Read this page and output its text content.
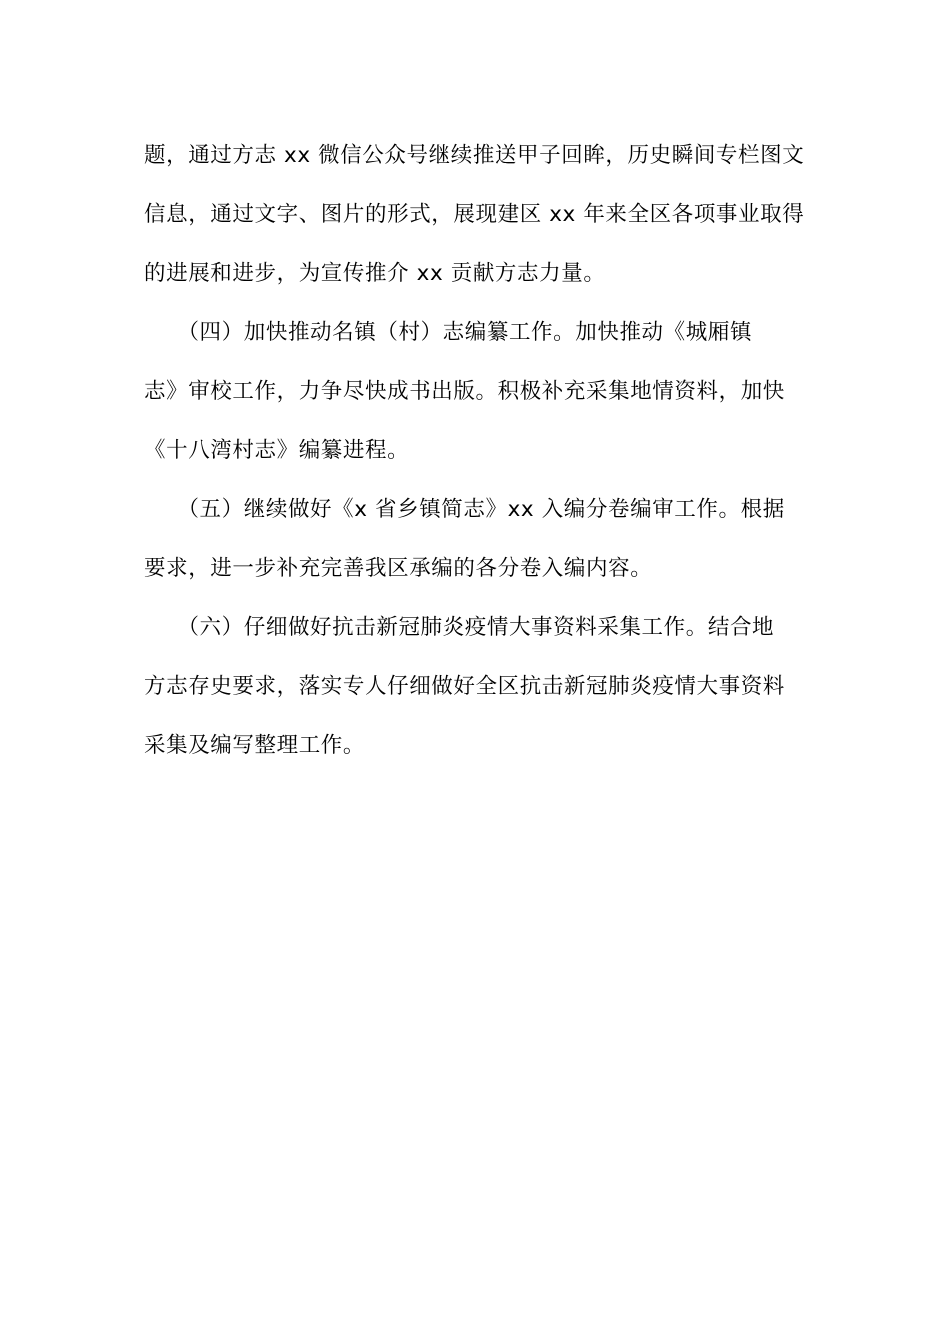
题，通过方志 xx 微信公众号继续推送甲子回眸，历史瞬间专栏图文
信息，通过文字、图片的形式，展现建区 xx 年来全区各项事业取得
的进展和进步，为宣传推介 xx 贡献方志力量。

　　（四）加快推动名镇（村）志编纂工作。加快推动《城厢镇
志》审校工作，力争尽快成书出版。积极补充采集地情资料，加快
《十八湾村志》编纂进程。

　　（五）继续做好《x 省乡镇简志》xx 入编分卷编审工作。根据
要求，进一步补充完善我区承编的各分卷入编内容。

　　（六）仔细做好抗击新冠肺炎疫情大事资料采集工作。结合地
方志存史要求，落实专人仔细做好全区抗击新冠肺炎疫情大事资料
采集及编写整理工作。
